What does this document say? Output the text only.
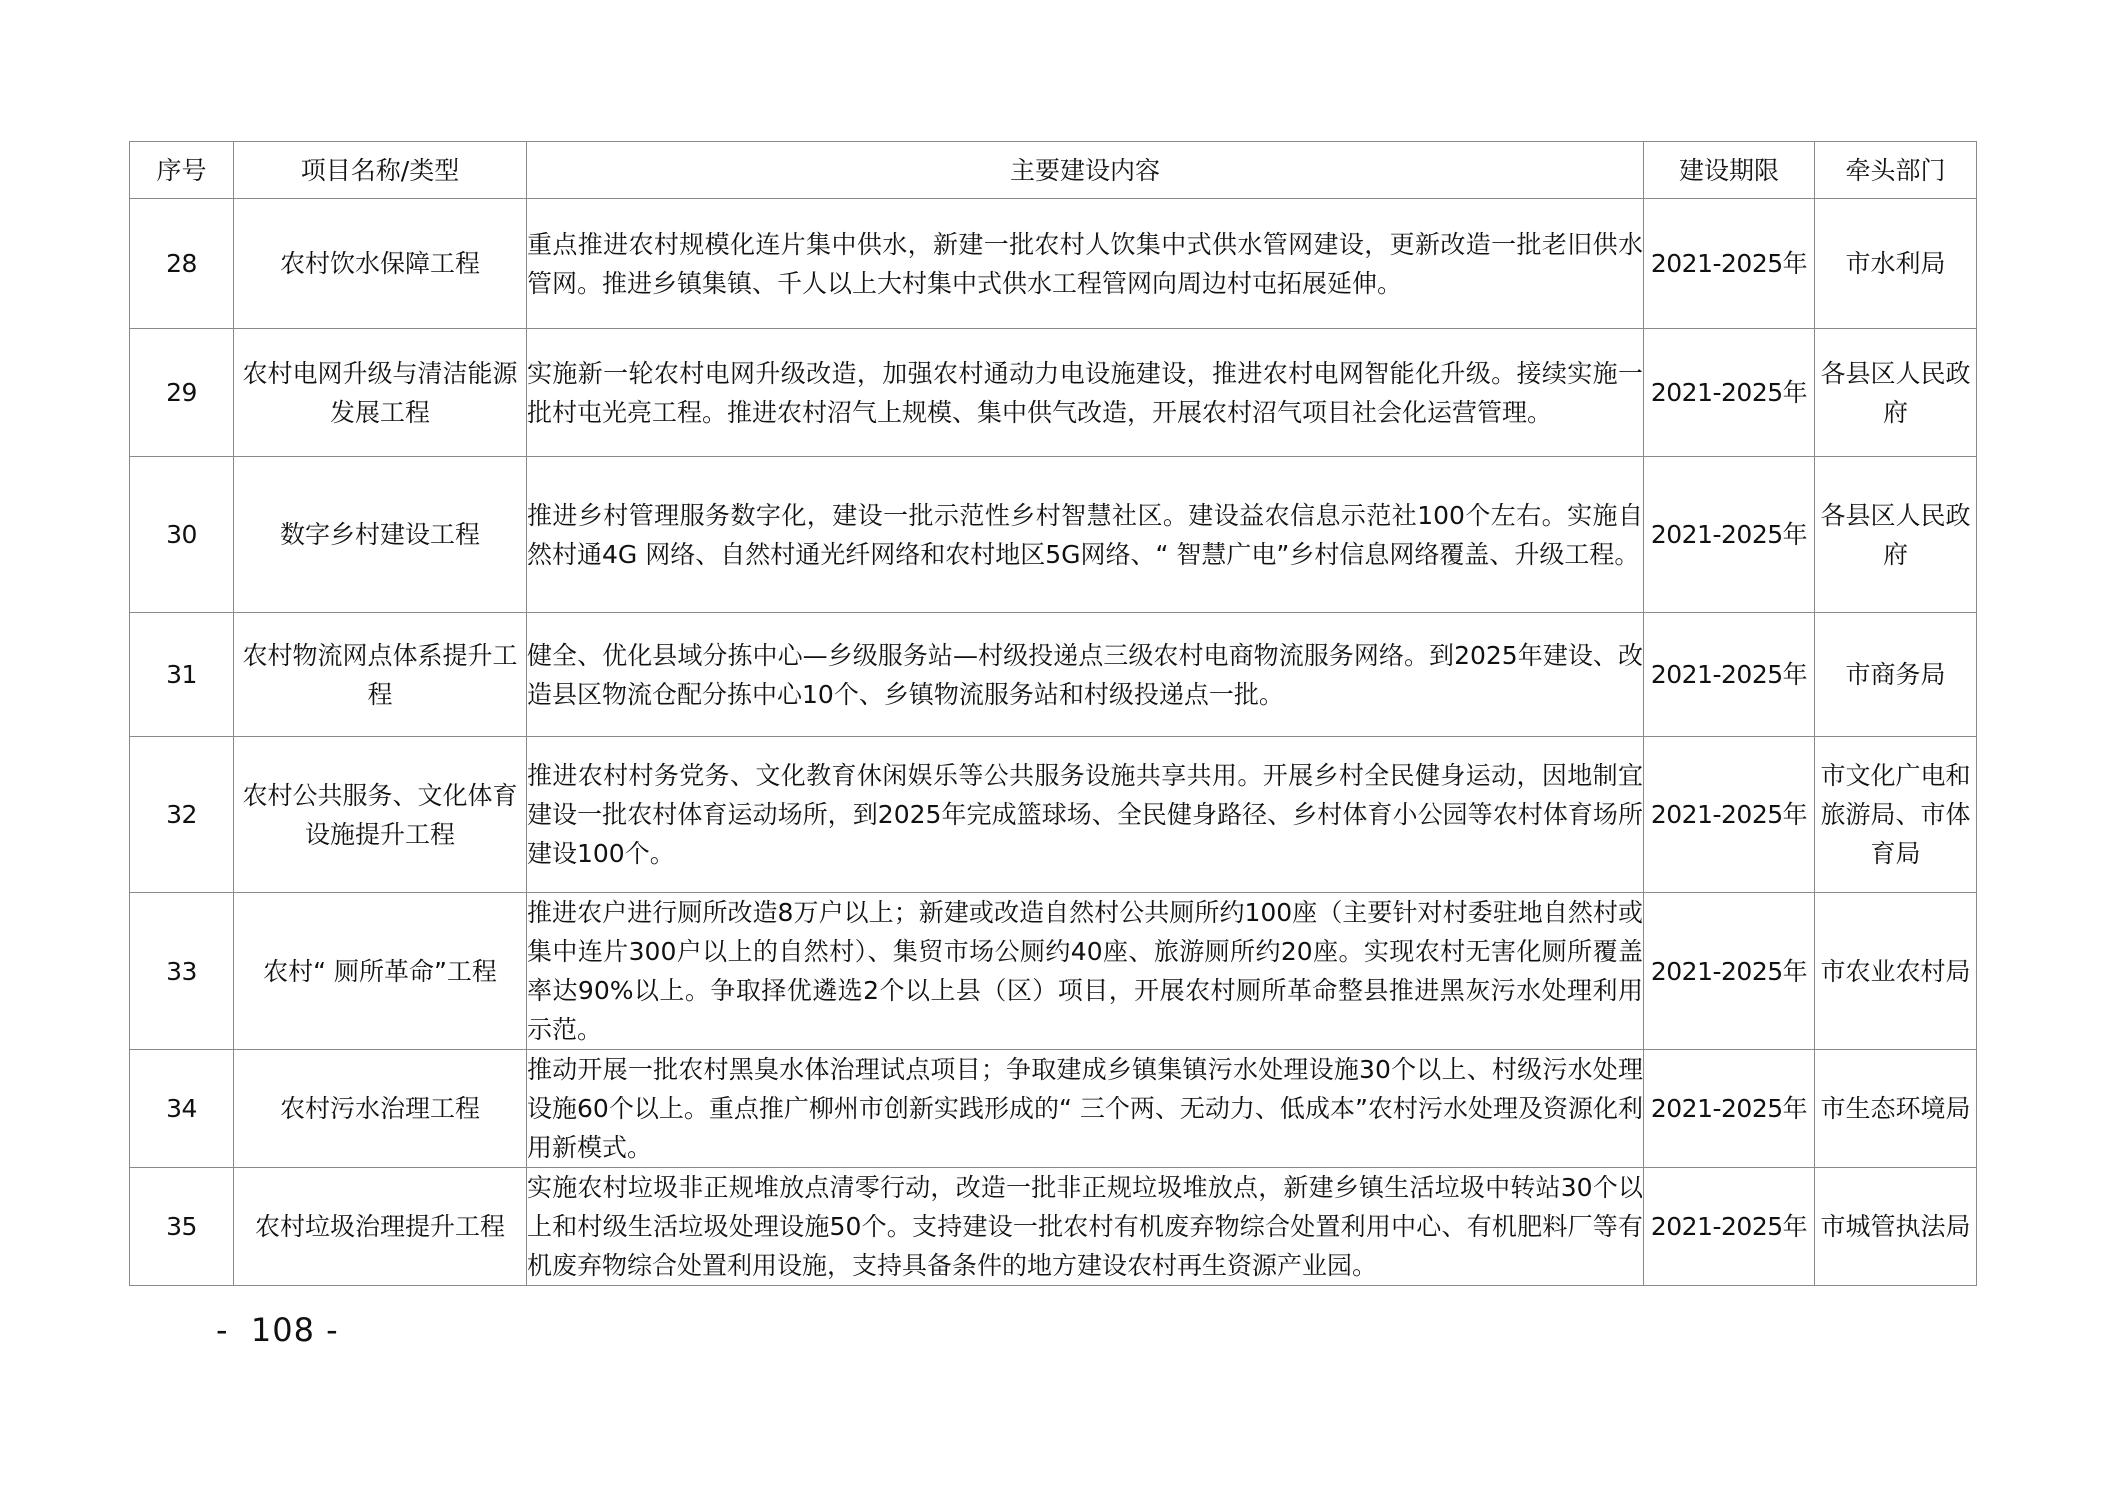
序号	项目名称/类型	主要建设内容	建设期限	牵头部门
28	农村饮水保障工程	重点推进农村规模化连片集中供水，新建一批农村人饮集中式供水管网建设，更新改造一批老旧供水管网。推进乡镇集镇、千人以上大村集中式供水工程管网向周边村屯拓展延伸。	2021-2025年	市水利局
29	农村电网升级与清洁能源发展工程	实施新一轮农村电网升级改造，加强农村通动力电设施建设，推进农村电网智能化升级。接续实施一批村屯光亮工程。推进农村沼气上规模、集中供气改造，开展农村沼气项目社会化运营管理。	2021-2025年	各县区人民政府
30	数字乡村建设工程	推进乡村管理服务数字化，建设一批示范性乡村智慧社区。建设益农信息示范社100个左右。实施自然村通4G 网络、自然村通光纤网络和农村地区5G网络、“ 智慧广电”乡村信息网络覆盖、升级工程。	2021-2025年	各县区人民政府
31	农村物流网点体系提升工程	健全、优化县域分拣中心—乡级服务站—村级投递点三级农村电商物流服务网络。到2025年建设、改造县区物流仓配分拣中心10个、乡镇物流服务站和村级投递点一批。	2021-2025年	市商务局
32	农村公共服务、文化体育设施提升工程	推进农村村务党务、文化教育休闲娱乐等公共服务设施共享共用。开展乡村全民健身运动，因地制宜建设一批农村体育运动场所，到2025年完成篮球场、全民健身路径、乡村体育小公园等农村体育场所建设100个。	2021-2025年	市文化广电和旅游局、市体育局
33	农村“ 厕所革命”工程	推进农户进行厕所改造8万户以上；新建或改造自然村公共厕所约100座（主要针对村委驻地自然村或集中连片300户以上的自然村）、集贸市场公厕约40座、旅游厕所约20座。实现农村无害化厕所覆盖率达90%以上。争取择优遴选2个以上县（区）项目，开展农村厕所革命整县推进黑灰污水处理利用示范。	2021-2025年	市农业农村局
34	农村污水治理工程	推动开展一批农村黑臭水体治理试点项目；争取建成乡镇集镇污水处理设施30个以上、村级污水处理设施60个以上。重点推广柳州市创新实践形成的“ 三个两、无动力、低成本”农村污水处理及资源化利用新模式。	2021-2025年	市生态环境局
35	农村垃圾治理提升工程	实施农村垃圾非正规堆放点清零行动，改造一批非正规垃圾堆放点，新建乡镇生活垃圾中转站30个以上和村级生活垃圾处理设施50个。支持建设一批农村有机废弃物综合处置利用中心、有机肥料厂等有机废弃物综合处置利用设施，支持具备条件的地方建设农村再生资源产业园。	2021-2025年	市城管执法局
-  108 -
